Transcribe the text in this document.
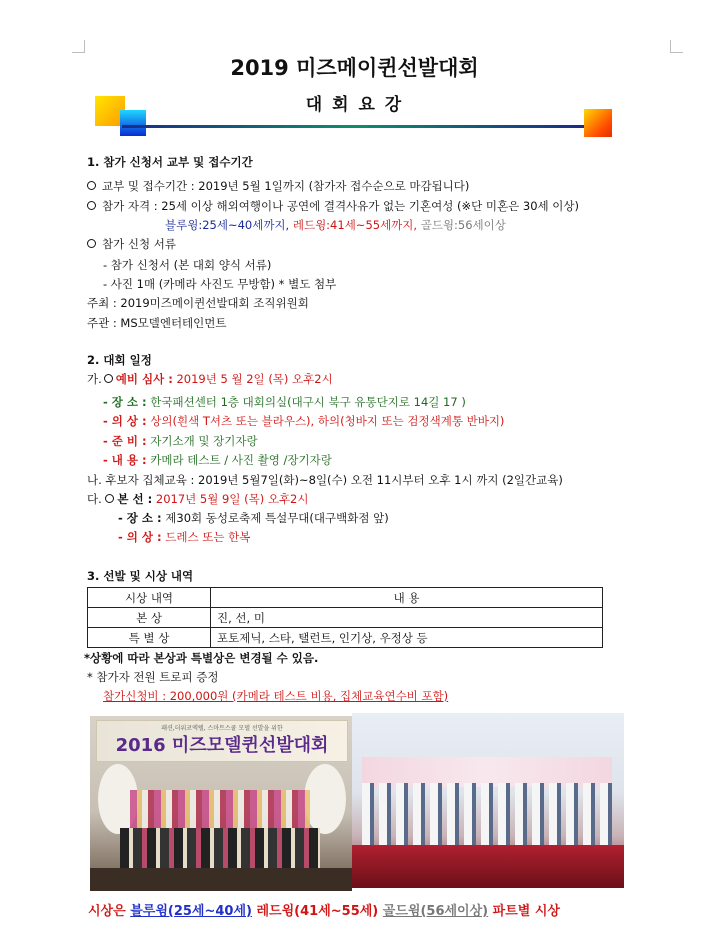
2019 미즈메이퀸선발대회
대 회 요 강
1. 참가 신청서 교부 및 접수기간
교부 및 접수기간 : 2019년 5월 1일까지 (참가자 접수순으로 마감됩니다)
참가 자격 : 25세 이상 해외여행이나 공연에 결격사유가 없는 기혼여성 (※단 미혼은 30세 이상)
블루윙:25세~40세까지, 레드윙:41세~55세까지, 골드윙:56세이상
참가 신청 서류
- 참가 신청서 (본 대회 양식 서류)
- 사진 1매 (카메라 사진도 무방함) * 별도 첨부
주최 : 2019미즈메이퀸선발대회 조직위원회
주관 : MS모델엔터테인먼트
2. 대회 일정
가. 예비 심사 : 2019년 5 월 2일 (목) 오후2시
- 장 소 : 한국패션센터 1층 대회의실(대구시 북구 유통단지로 14길 17 )
- 의 상 : 상의(흰색 T셔츠 또는 블라우스), 하의(청바지 또는 검정색계통 반바지)
- 준 비 : 자기소개 및 장기자랑
- 내 용 : 카메라 테스트 / 사진 촬영 /장기자랑
나. 후보자 집체교육 : 2019년 5월7일(화)~8일(수) 오전 11시부터 오후 1시 까지 (2일간교육)
다. 본 선 : 2017년 5월 9일 (목) 오후2시
- 장 소 : 제30회 동성로축제 특설무대(대구백화점 앞)
- 의 상 : 드레스 또는 한복
3. 선발 및 시상 내역
시상 내역	내 용
본 상	진, 선, 미
특 별 상	포토제닉, 스타, 탤런트, 인기상, 우정상 등
*상황에 따라 본상과 특별상은 변경될 수 있음.
* 참가자 전원 트로피 증정
참가신청비 : 200,000원 (카메라 테스트 비용, 집체교육연수비 포함)
패션,더위코엑텔, 스마트스쿨 모델 선발을 위한
2016 미즈모델퀸선발대회
시상은 블루윙(25세~40세) 레드윙(41세~55세) 골드윙(56세이상) 파트별 시상
